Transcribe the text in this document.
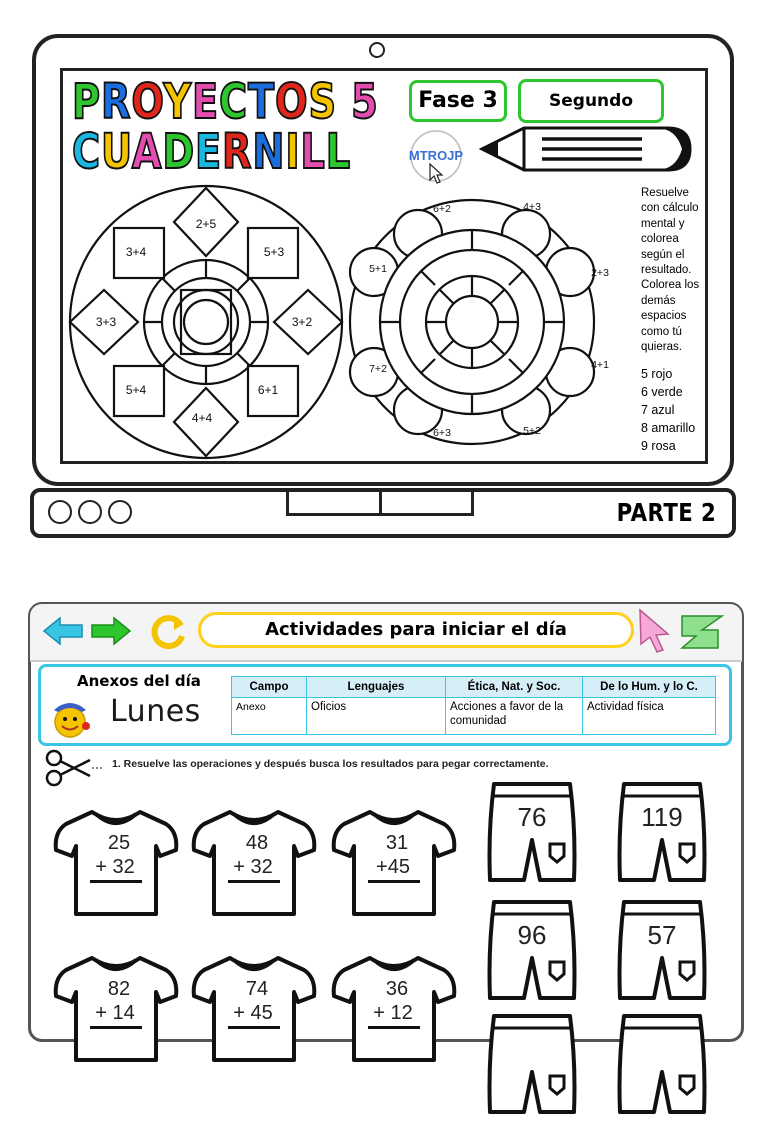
PROYECTOS 5
CUADERNILL
Fase 3	Segundo
MTROJP
2+5
3+4	5+3
3+3	3+2
5+4	6+1
4+4
6+2	4+3
5+1	2+3
7+2	4+1
6+3	5+2
Resuelve
con cálculo
mental y
colorea
según el
resultado.
Colorea los
demás
espacios
como tú
quieras.
5 rojo
6 verde
7 azul
8 amarillo
9 rosa
PARTE 2
Actividades para iniciar el día
Anexos del día
Lunes
Campo	Lenguajes	Ética, Nat. y Soc.	De lo Hum. y lo C.
Anexo	Oficios	Acciones a favor de la comunidad	Actividad física
1. Resuelve las operaciones y después busca los resultados para pegar correctamente.
25
+ 32
48
+ 32
31
+45
82
+ 14
74
+ 45
36
+ 12
76	119
96	57
